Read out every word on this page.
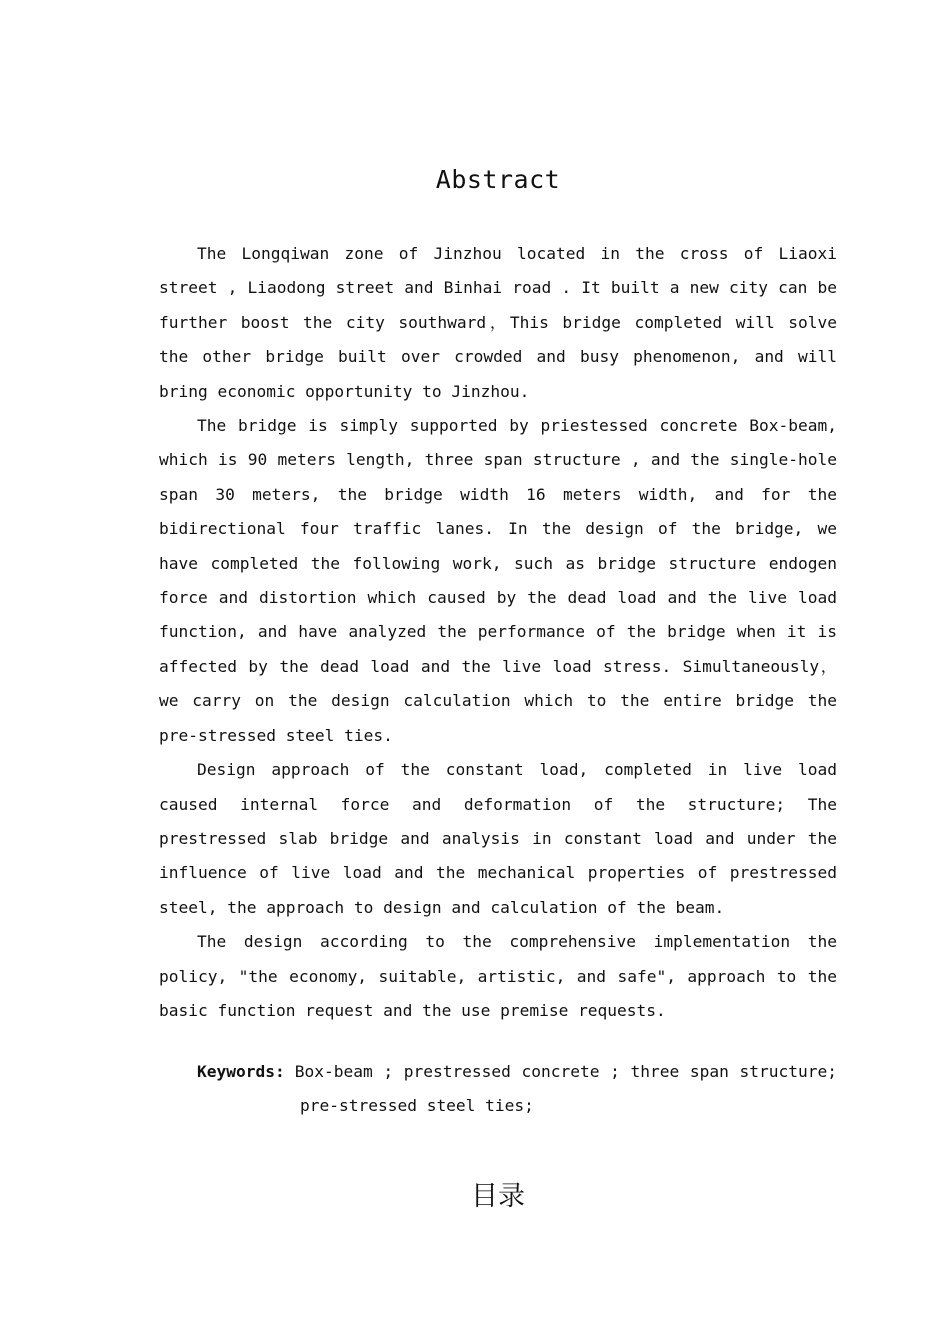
Abstract

The Longqiwan zone of Jinzhou located in the cross of Liaoxi street , Liaodong street and Binhai road . It built a new city can be further boost the city southward，This bridge completed will solve the other bridge built over crowded and busy phenomenon, and will bring economic opportunity to Jinzhou.

The bridge is simply supported by priestessed concrete Box-beam, which is 90 meters length, three span structure , and the single-hole span 30 meters, the bridge width 16 meters width, and for the bidirectional four traffic lanes. In the design of the bridge, we have completed the following work, such as bridge structure endogen force and distortion which caused by the dead load and the live load function, and have analyzed the performance of the bridge when it is affected by the dead load and the live load stress. Simultaneously，we carry on the design calculation which to the entire bridge the pre-stressed steel ties.

Design approach of the constant load, completed in live load caused internal force and deformation of the structure; The prestressed slab bridge and analysis in constant load and under the influence of live load and the mechanical properties of prestressed steel, the approach to design and calculation of the beam.

The design according to the comprehensive implementation the policy, "the economy, suitable, artistic, and safe", approach to the basic function request and the use premise requests.

Keywords: Box-beam ; prestressed concrete ; three span structure;
pre-stressed steel ties;
目录
